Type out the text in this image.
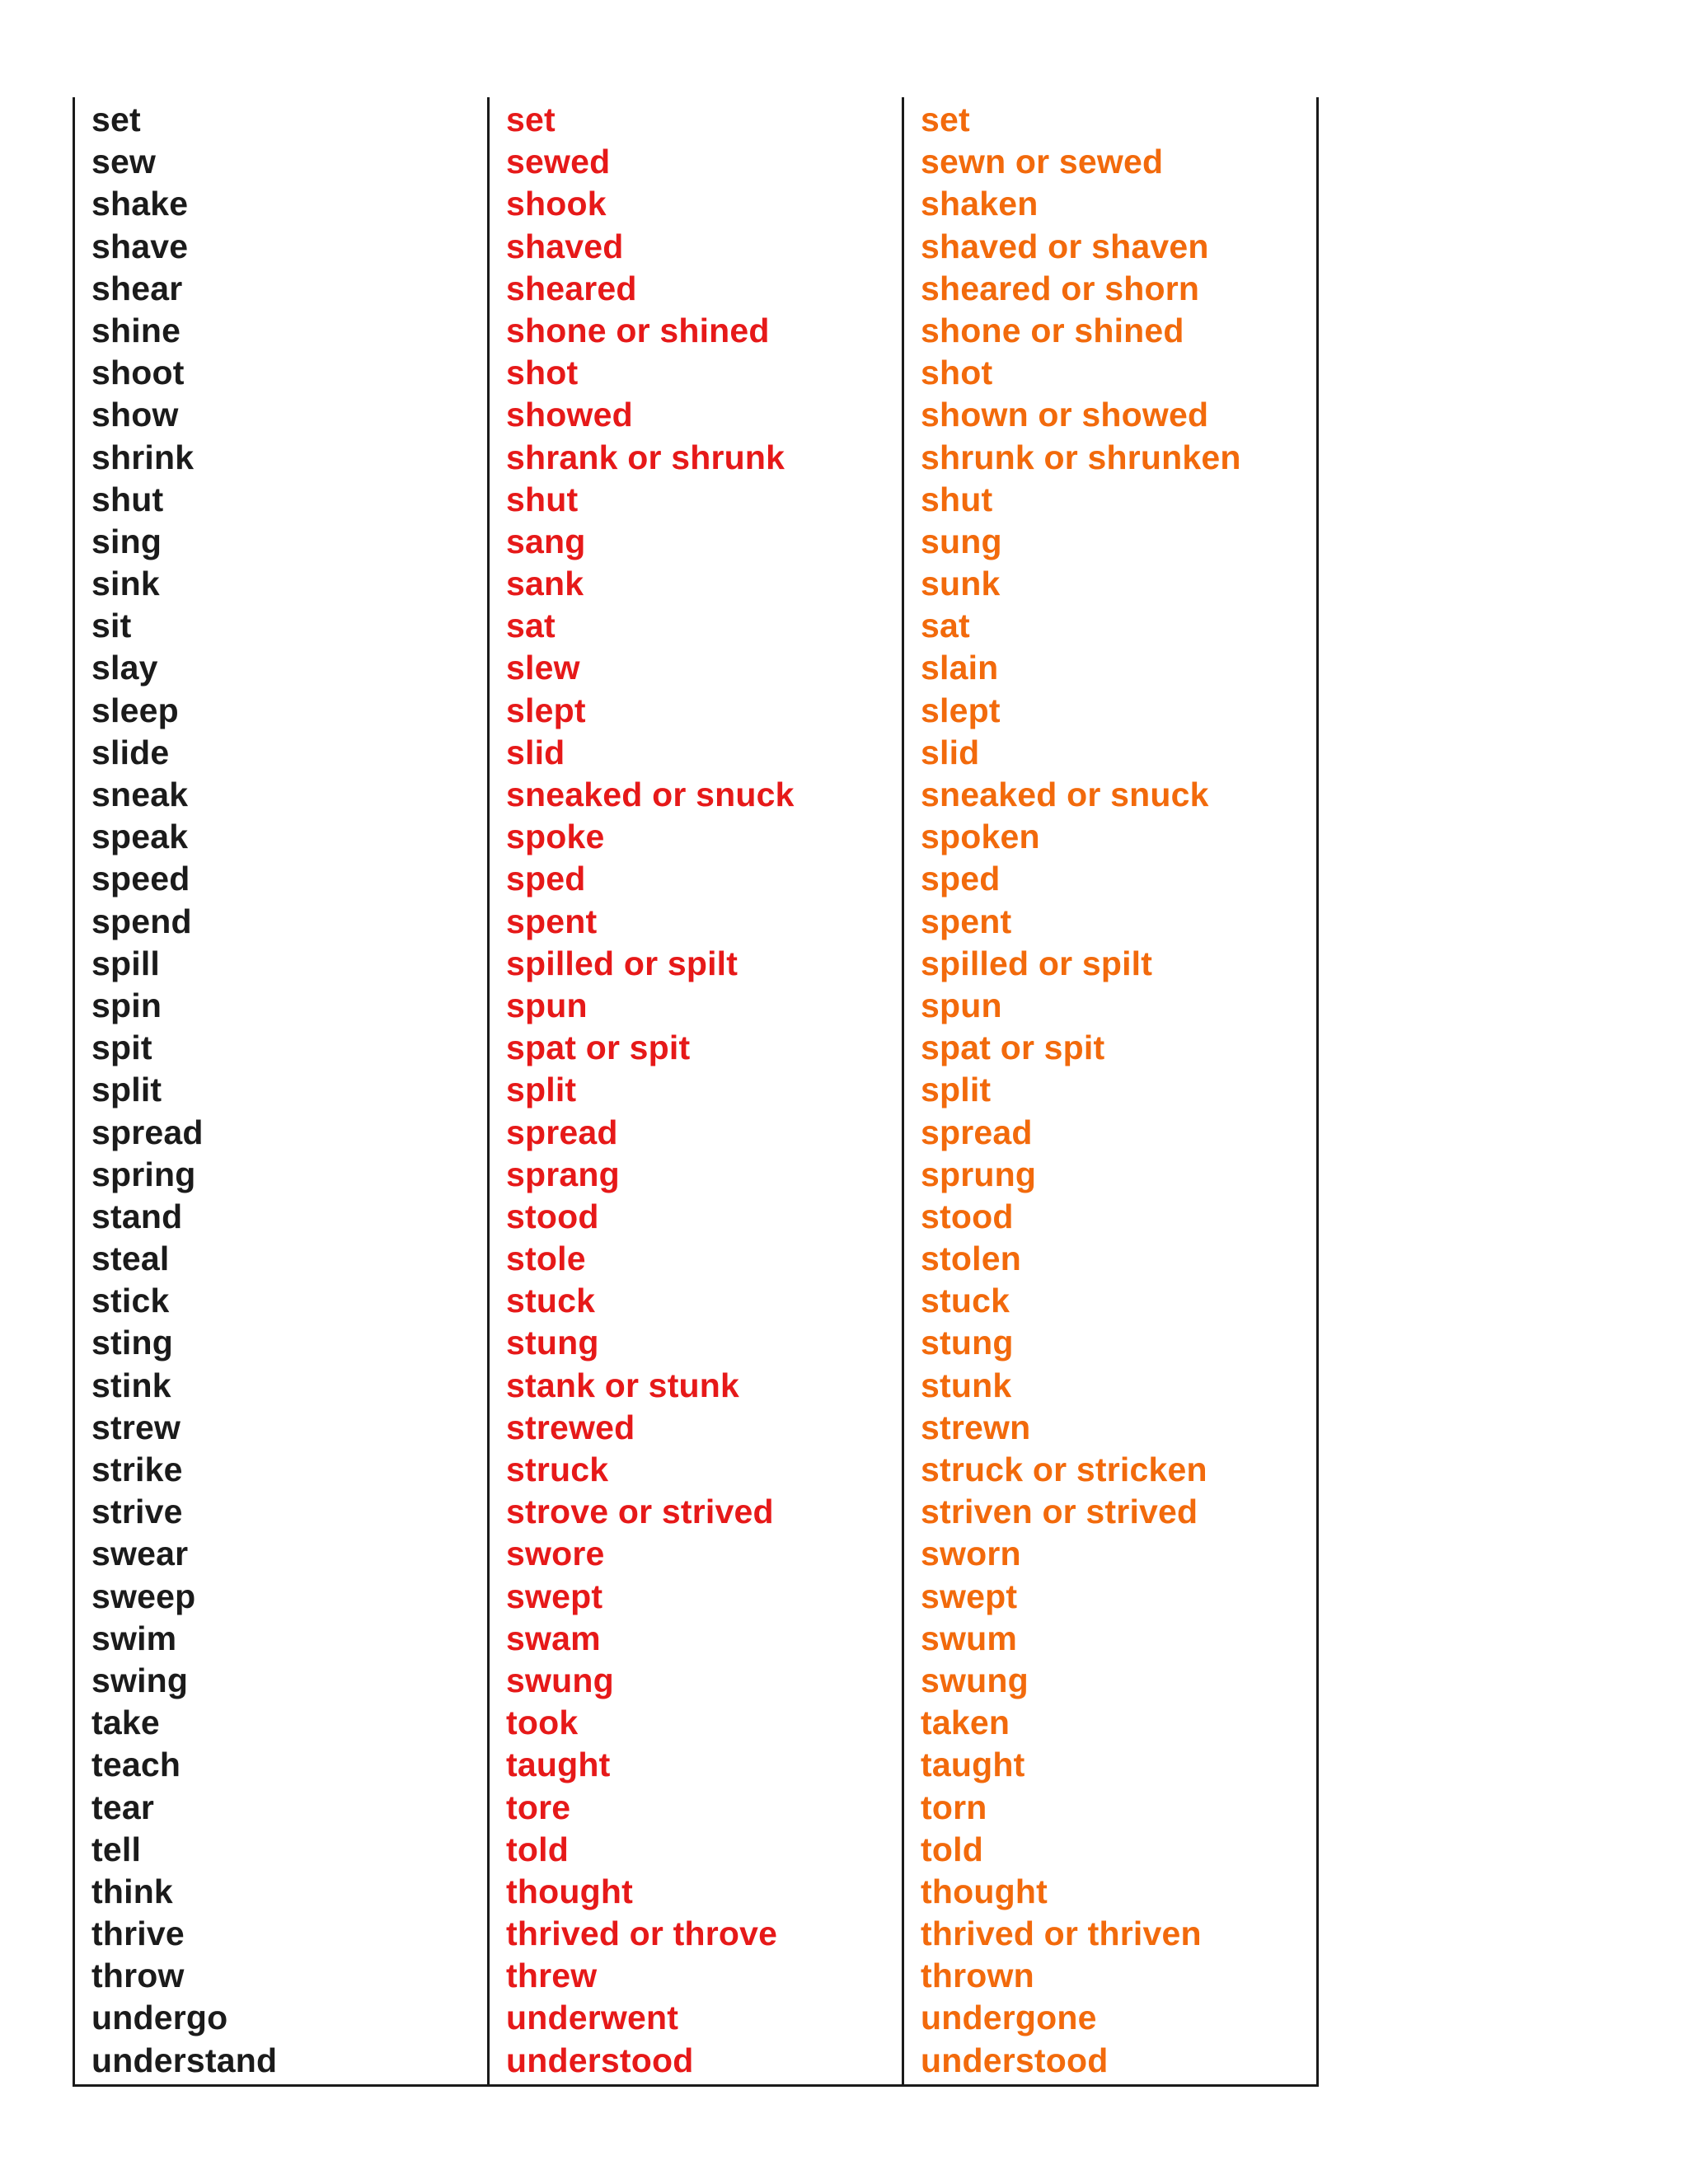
set
sew
shake
shave
shear
shine
shoot
show
shrink
shut
sing
sink
sit
slay
sleep
slide
sneak
speak
speed
spend
spill
spin
spit
split
spread
spring
stand
steal
stick
sting
stink
strew
strike
strive
swear
sweep
swim
swing
take
teach
tear
tell
think
thrive
throw
undergo
understand
set
sewed
shook
shaved
sheared
shone or shined
shot
showed
shrank or shrunk
shut
sang
sank
sat
slew
slept
slid
sneaked or snuck
spoke
sped
spent
spilled or spilt
spun
spat or spit
split
spread
sprang
stood
stole
stuck
stung
stank or stunk
strewed
struck
strove or strived
swore
swept
swam
swung
took
taught
tore
told
thought
thrived or throve
threw
underwent
understood
set
sewn or sewed
shaken
shaved or shaven
sheared or shorn
shone or shined
shot
shown or showed
shrunk or shrunken
shut
sung
sunk
sat
slain
slept
slid
sneaked or snuck
spoken
sped
spent
spilled or spilt
spun
spat or spit
split
spread
sprung
stood
stolen
stuck
stung
stunk
strewn
struck or stricken
striven or strived
sworn
swept
swum
swung
taken
taught
torn
told
thought
thrived or thriven
thrown
undergone
understood
